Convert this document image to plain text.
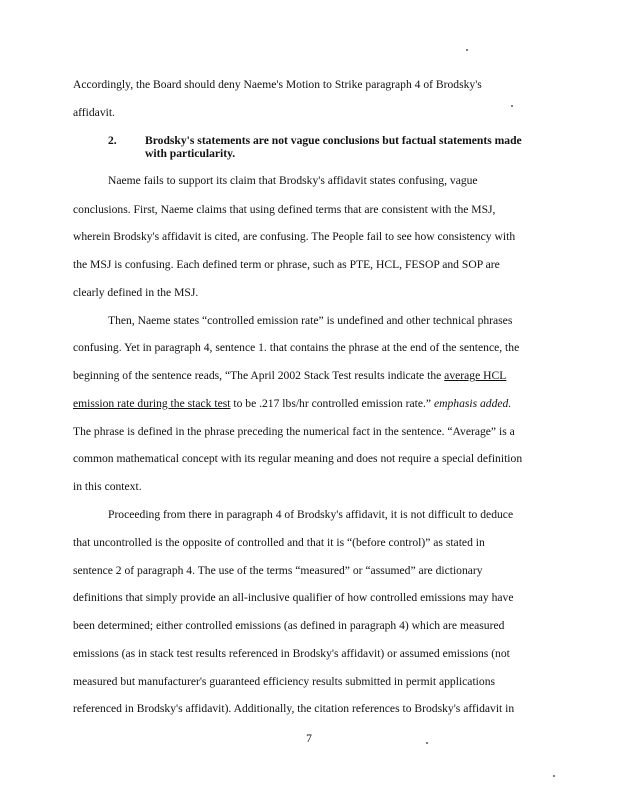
Accordingly, the Board should deny Naeme's Motion to Strike paragraph 4 of Brodsky's
affidavit.
2. Brodsky's statements are not vague conclusions but factual statements made
with particularity.
Naeme fails to support its claim that Brodsky's affidavit states confusing, vague
conclusions. First, Naeme claims that using defined terms that are consistent with the MSJ,
wherein Brodsky's affidavit is cited, are confusing. The People fail to see how consistency with
the MSJ is confusing. Each defined term or phrase, such as PTE, HCL, FESOP and SOP are
clearly defined in the MSJ.
Then, Naeme states “controlled emission rate” is undefined and other technical phrases
confusing. Yet in paragraph 4, sentence 1. that contains the phrase at the end of the sentence, the
beginning of the sentence reads, “The April 2002 Stack Test results indicate the average HCL
emission rate during the stack test to be .217 lbs/hr controlled emission rate.” emphasis added.
The phrase is defined in the phrase preceding the numerical fact in the sentence. “Average” is a
common mathematical concept with its regular meaning and does not require a special definition
in this context.
Proceeding from there in paragraph 4 of Brodsky's affidavit, it is not difficult to deduce
that uncontrolled is the opposite of controlled and that it is “(before control)” as stated in
sentence 2 of paragraph 4. The use of the terms “measured” or “assumed” are dictionary
definitions that simply provide an all-inclusive qualifier of how controlled emissions may have
been determined; either controlled emissions (as defined in paragraph 4) which are measured
emissions (as in stack test results referenced in Brodsky's affidavit) or assumed emissions (not
measured but manufacturer's guaranteed efficiency results submitted in permit applications
referenced in Brodsky's affidavit). Additionally, the citation references to Brodsky's affidavit in
7
